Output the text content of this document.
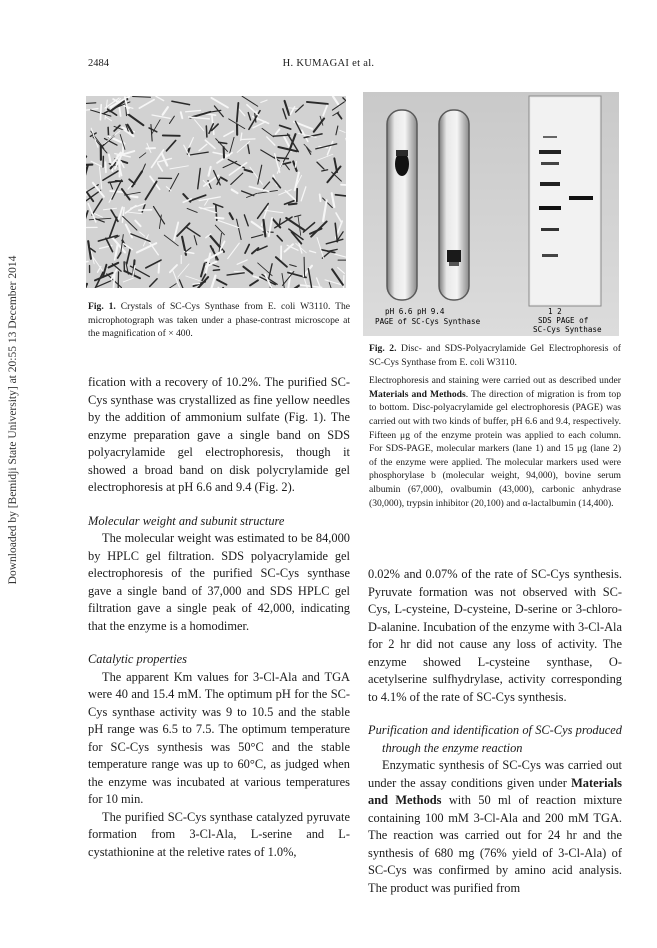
Downloaded by [Bemidji State University] at 20:55 13 December 2014
2484	H. KUMAGAI et al.
pH 6.6 pH 9.4
PAGE of SC-Cys Synthase
1 2
SDS PAGE of
SC-Cys Synthase
Fig. 1. Crystals of SC-Cys Synthase from E. coli W3110. The microphotograph was taken under a phase-contrast microscope at the magnification of × 400.
Fig. 2. Disc- and SDS-Polyacrylamide Gel Electrophoresis of SC-Cys Synthase from E. coli W3110.
Electrophoresis and staining were carried out as described under Materials and Methods. The direction of migration is from top to bottom. Disc-polyacrylamide gel electrophoresis (PAGE) was carried out with two kinds of buffer, pH 6.6 and 9.4, respectively. Fifteen μg of the enzyme protein was applied to each column. For SDS-PAGE, molecular markers (lane 1) and 15 μg (lane 2) of the enzyme were applied. The molecular markers used were phosphorylase b (molecular weight, 94,000), bovine serum albumin (67,000), ovalbumin (43,000), carbonic anhydrase (30,000), trypsin inhibitor (20,100) and α-lactalbumin (14,400).

fication with a recovery of 10.2%. The purified SC-Cys synthase was crystallized as fine yellow needles by the addition of ammonium sulfate (Fig. 1). The enzyme preparation gave a single band on SDS polyacrylamide gel electrophoresis, though it showed a broad band on disk polycrylamide gel electrophoresis at pH 6.6 and 9.4 (Fig. 2).

Molecular weight and subunit structure

The molecular weight was estimated to be 84,000 by HPLC gel filtration. SDS polyacrylamide gel electrophoresis of the purified SC-Cys synthase gave a single band of 37,000 and SDS HPLC gel filtration gave a single peak of 42,000, indicating that the enzyme is a homodimer.

Catalytic properties

The apparent Km values for 3-Cl-Ala and TGA were 40 and 15.4 mM. The optimum pH for the SC-Cys synthase activity was 9 to 10.5 and the stable pH range was 6.5 to 7.5. The optimum temperature for SC-Cys synthesis was 50°C and the stable temperature range was up to 60°C, as judged when the enzyme was incubated at various temperatures for 10 min.

The purified SC-Cys synthase catalyzed pyruvate formation from 3-Cl-Ala, L-serine and L-cystathionine at the reletive rates of 1.0%,

0.02% and 0.07% of the rate of SC-Cys synthesis. Pyruvate formation was not observed with SC-Cys, L-cysteine, D-cysteine, D-serine or 3-chloro-D-alanine. Incubation of the enzyme with 3-Cl-Ala for 2 hr did not cause any loss of activity. The enzyme showed L-cysteine synthase, O-acetylserine sulfhydrylase, activity corresponding to 4.1% of the rate of SC-Cys synthesis.

Purification and identification of SC-Cys produced through the enzyme reaction

Enzymatic synthesis of SC-Cys was carried out under the assay conditions given under Materials and Methods with 50 ml of reaction mixture containing 100 mM 3-Cl-Ala and 200 mM TGA. The reaction was carried out for 24 hr and the synthesis of 680 mg (76% yield of 3-Cl-Ala) of SC-Cys was confirmed by amino acid analysis. The product was purified from
